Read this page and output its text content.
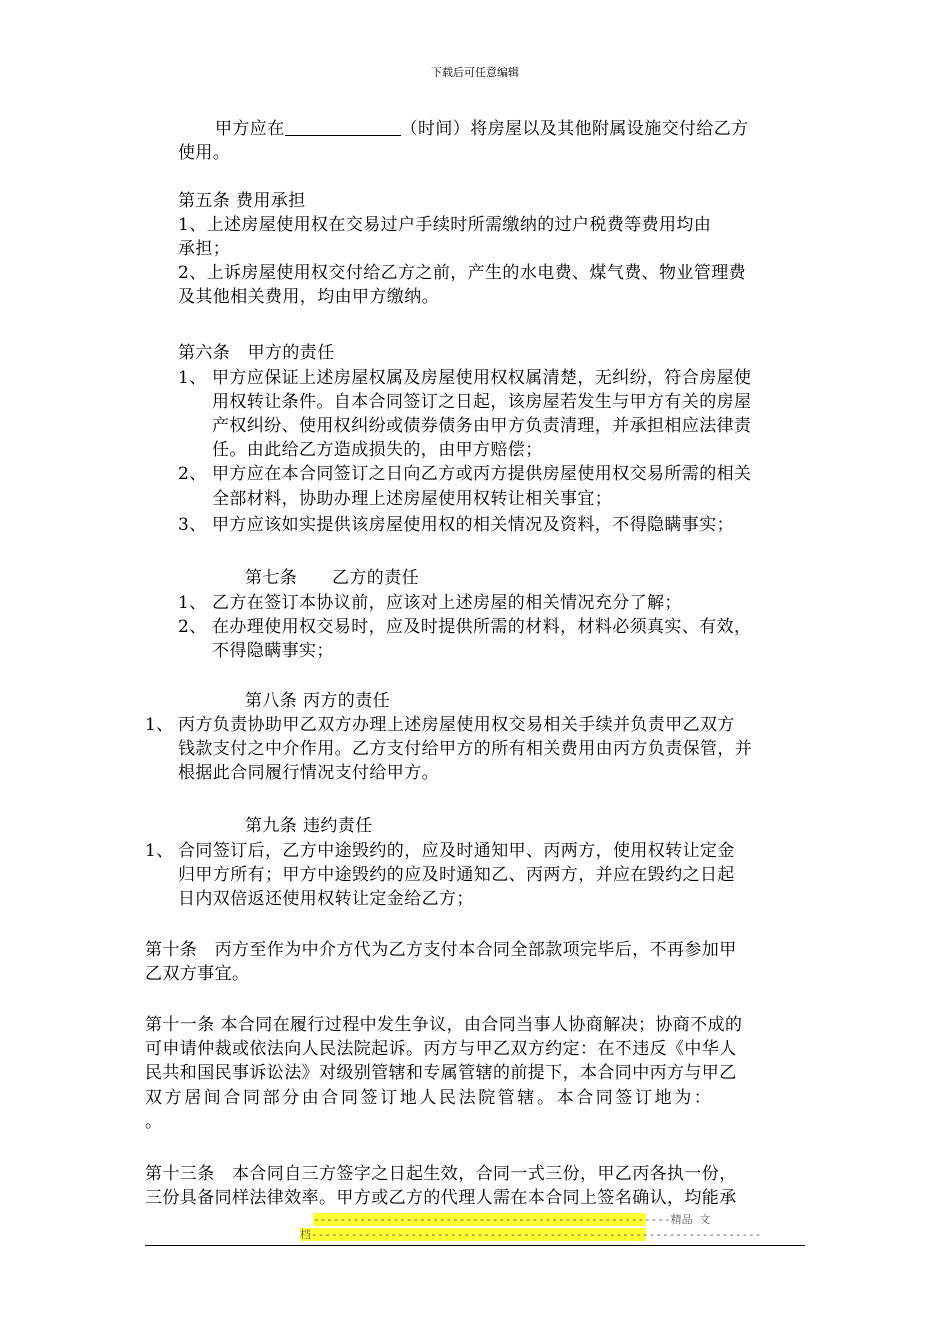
下载后可任意编辑
甲方应在	（时间）将房屋以及其他附属设施交付给乙方
使用。
第五条 费用承担
1、上述房屋使用权在交易过户手续时所需缴纳的过户税费等费用均由
承担；
2、上诉房屋使用权交付给乙方之前，产生的水电费、煤气费、物业管理费
及其他相关费用，均由甲方缴纳。
第六条　甲方的责任
1、 甲方应保证上述房屋权属及房屋使用权权属清楚，无纠纷，符合房屋使
用权转让条件。自本合同签订之日起，该房屋若发生与甲方有关的房屋
产权纠纷、使用权纠纷或债券债务由甲方负责清理，并承担相应法律责
任。由此给乙方造成损失的，由甲方赔偿；
2、 甲方应在本合同签订之日向乙方或丙方提供房屋使用权交易所需的相关
全部材料，协助办理上述房屋使用权转让相关事宜；
3、 甲方应该如实提供该房屋使用权的相关情况及资料，不得隐瞒事实；
第七条　　乙方的责任
1、 乙方在签订本协议前，应该对上述房屋的相关情况充分了解；
2、 在办理使用权交易时，应及时提供所需的材料，材料必须真实、有效，
不得隐瞒事实；
第八条 丙方的责任
1、 丙方负责协助甲乙双方办理上述房屋使用权交易相关手续并负责甲乙双方
钱款支付之中介作用。乙方支付给甲方的所有相关费用由丙方负责保管，并
根据此合同履行情况支付给甲方。
第九条 违约责任
1、 合同签订后，乙方中途毁约的，应及时通知甲、丙两方，使用权转让定金
归甲方所有；甲方中途毁约的应及时通知乙、丙两方，并应在毁约之日起
日内双倍返还使用权转让定金给乙方；
第十条　丙方至作为中介方代为乙方支付本合同全部款项完毕后，不再参加甲
乙双方事宜。
第十一条 本合同在履行过程中发生争议，由合同当事人协商解决；协商不成的
可申请仲裁或依法向人民法院起诉。丙方与甲乙双方约定：在不违反《中华人
民共和国民事诉讼法》对级别管辖和专属管辖的前提下，本合同中丙方与甲乙
双方居间合同部分由合同签订地人民法院管辖。本合同签订地为：
。
第十三条　本合同自三方签字之日起生效，合同一式三份，甲乙丙各执一份，
三份具备同样法律效率。甲方或乙方的代理人需在本合同上签名确认，均能承
------------------------------------------------------精品 文
档--------------------------------------------------------------------
